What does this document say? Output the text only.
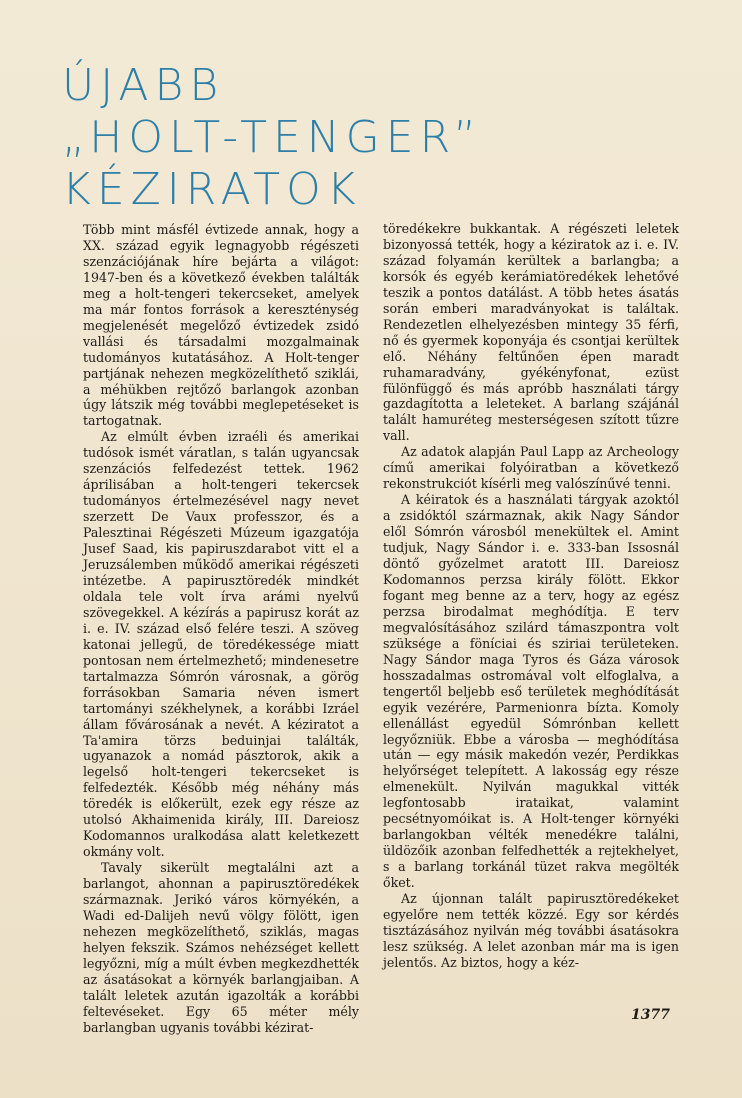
ÚJABB
„HOLT-TENGER”
KÉZIRATOK

Több mint másfél évtizede annak, hogy a XX. század egyik legnagyobb régészeti szenzációjának híre bejárta a világot: 1947-ben és a következő években találták meg a holt-tengeri tekercseket, amelyek ma már fontos források a kereszténység megjelenését megelőző évtizedek zsidó vallási és társadalmi mozgalmainak tudományos kutatásához. A Holt-tenger partjának nehezen megközelíthető sziklái, a méhükben rejtőző barlangok azonban úgy látszik még további meglepetéseket is tartogatnak.

Az elmúlt évben izraéli és amerikai tudósok ismét váratlan, s talán ugyancsak szenzációs felfedezést tettek. 1962 áprilisában a holt-tengeri tekercsek tudományos értelmezésével nagy nevet szerzett De Vaux professzor, és a Palesztinai Régészeti Múzeum igazgatója Jusef Saad, kis papiruszdarabot vitt el a Jeruzsálemben működő amerikai régészeti intézetbe. A papirusztöredék mindkét oldala tele volt írva arámi nyelvű szövegekkel. A kézírás a papirusz korát az i. e. IV. század első felére teszi. A szöveg katonai jellegű, de töredékessége miatt pontosan nem értelmezhető; mindenesetre tartalmazza Sómrón városnak, a görög forrásokban Samaria néven ismert tartományi székhelynek, a korábbi Izráel állam fővárosának a nevét. A kéziratot a Ta'amira törzs beduinjai találták, ugyanazok a nomád pásztorok, akik a legelső holt-tengeri tekercseket is felfedezték. Később még néhány más töredék is előkerült, ezek egy része az utolsó Akhaimenida király, III. Dareiosz Kodomannos uralkodása alatt keletkezett okmány volt.

Tavaly sikerült megtalálni azt a barlangot, ahonnan a papirusztöredékek származnak. Jerikó város környékén, a Wadi ed-Dalijeh nevű völgy fölött, igen nehezen megközelíthető, sziklás, magas helyen fekszik. Számos nehézséget kellett legyőzni, míg a múlt évben megkezdhették az ásatásokat a környék barlangjaiban. A talált leletek azután igazolták a korábbi feltevéseket. Egy 65 méter mély barlangban ugyanis további kézirat-

töredékekre bukkantak. A régészeti leletek bizonyossá tették, hogy a kéziratok az i. e. IV. század folyamán kerültek a barlangba; a korsók és egyéb kerámiatöredékek lehetővé teszik a pontos datálást. A több hetes ásatás során emberi maradványokat is találtak. Rendezetlen elhelyezésben mintegy 35 férfi, nő és gyermek koponyája és csontjai kerültek elő. Néhány feltűnően épen maradt ruhamaradvány, gyékényfonat, ezüst fülönfüggő és más apróbb használati tárgy gazdagította a leleteket. A barlang szájánál talált hamuréteg mesterségesen szított tűzre vall.

Az adatok alapján Paul Lapp az Archeology című amerikai folyóiratban a következő rekonstrukciót kísérli meg valószínűvé tenni.

A kéiratok és a használati tárgyak azoktól a zsidóktól származnak, akik Nagy Sándor elől Sómrón városból menekültek el. Amint tudjuk, Nagy Sándor i. e. 333-ban Issosnál döntő győzelmet aratott III. Dareiosz Kodomannos perzsa király fölött. Ekkor fogant meg benne az a terv, hogy az egész perzsa birodalmat meghódítja. E terv megvalósításához szilárd támaszpontra volt szüksége a föníciai és sziriai területeken. Nagy Sándor maga Tyros és Gáza városok hosszadalmas ostromával volt elfoglalva, a tengertől beljebb eső területek meghódítását egyik vezérére, Parmenionra bízta. Komoly ellenállást egyedül Sómrónban kellett legyőzniük. Ebbe a városba — meghódítása után — egy másik makedón vezér, Perdikkas helyőrséget telepített. A lakosság egy része elmenekült. Nyilván magukkal vitték legfontosabb irataikat, valamint pecsétnyomóikat is. A Holt-tenger környéki barlangokban vélték menedékre találni, üldözőik azonban felfedhették a rejtekhelyet, s a barlang torkánál tüzet rakva megölték őket.

Az újonnan talált papirusztöredékeket egyelőre nem tették közzé. Egy sor kérdés tisztázásához nyilván még további ásatásokra lesz szükség. A lelet azonban már ma is igen jelentős. Az biztos, hogy a kéz-

1377
